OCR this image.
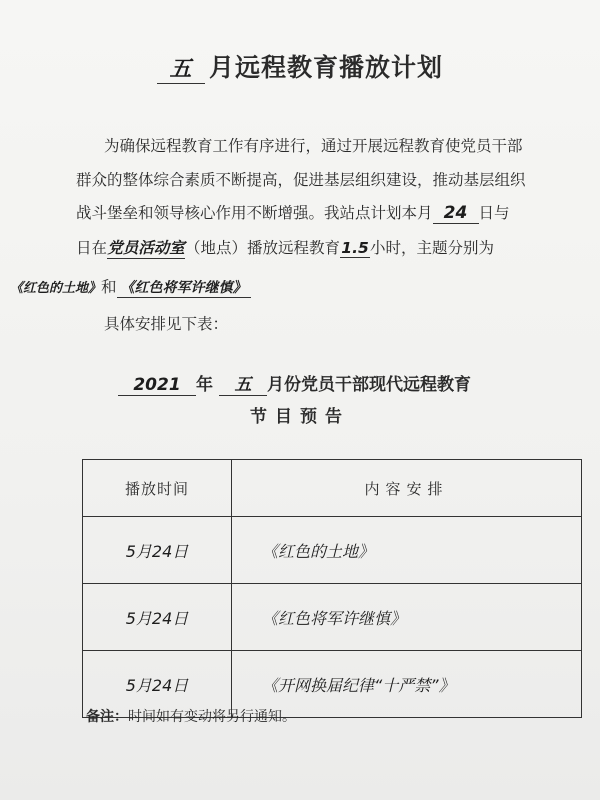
五 月远程教育播放计划
为确保远程教育工作有序进行，通过开展远程教育使党员干部
群众的整体综合素质不断提高，促进基层组织建设，推动基层组织
战斗堡垒和领导核心作用不断增强。我站点计划本月 24 日与
日在党员活动室（地点）播放远程教育1.5小时，主题分别为
《红色的土地》和 《红色将军许继慎》
具体安排见下表：
2021 年 五 月份党员干部现代远程教育
节目预告
播放时间	内容安排
5月24日	《红色的土地》
5月24日	《红色将军许继慎》
5月24日	《开网换届纪律“十严禁”》
备注：时间如有变动将另行通知。
